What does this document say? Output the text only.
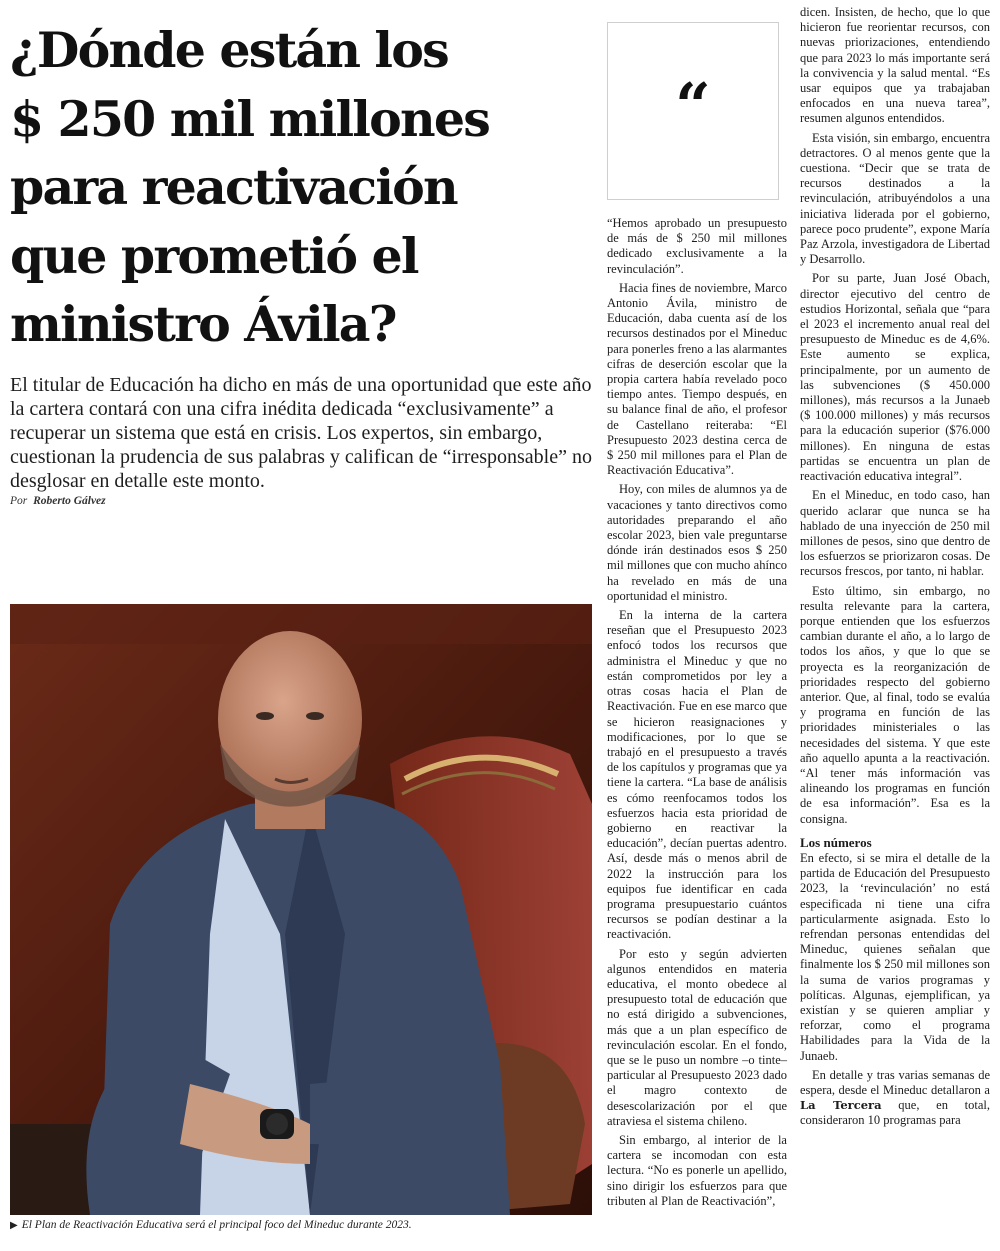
¿Dónde están los
$ 250 mil millones
para reactivación
que prometió el
ministro Ávila?

El titular de Educación ha dicho en más de una oportunidad que este año la cartera contará con una cifra inédita dedicada “exclusivamente” a recuperar un sistema que está en crisis. Los expertos, sin embargo, cuestionan la prudencia de sus palabras y califican de “irresponsable” no desglosar en detalle este monto.

Por Roberto Gálvez

▶ El Plan de Reactivación Educativa será el principal foco del Mineduc durante 2023.

“

“Hemos aprobado un presupuesto de más de $ 250 mil millones dedicado exclusivamente a la revinculación”.

Hacia fines de noviembre, Marco Antonio Ávila, ministro de Educación, daba cuenta así de los recursos destinados por el Mineduc para ponerles freno a las alarmantes cifras de deserción escolar que la propia cartera había revelado poco tiempo antes. Tiempo después, en su balance final de año, el profesor de Castellano reiteraba: “El Presupuesto 2023 destina cerca de $ 250 mil millones para el Plan de Reactivación Educativa”.

Hoy, con miles de alumnos ya de vacaciones y tanto directivos como autoridades preparando el año escolar 2023, bien vale preguntarse dónde irán destinados esos $ 250 mil millones que con mucho ahínco ha revelado en más de una oportunidad el ministro.

En la interna de la cartera reseñan que el Presupuesto 2023 enfocó todos los recursos que administra el Mineduc y que no están comprometidos por ley a otras cosas hacia el Plan de Reactivación. Fue en ese marco que se hicieron reasignaciones y modificaciones, por lo que se trabajó en el presupuesto a través de los capítulos y programas que ya tiene la cartera. “La base de análisis es cómo reenfocamos todos los esfuerzos hacia esta prioridad de gobierno en reactivar la educación”, decían puertas adentro. Así, desde más o menos abril de 2022 la instrucción para los equipos fue identificar en cada programa presupuestario cuántos recursos se podían destinar a la reactivación.

Por esto y según advierten algunos entendidos en materia educativa, el monto obedece al presupuesto total de educación que no está dirigido a subvenciones, más que a un plan específico de revinculación escolar. En el fondo, que se le puso un nombre –o tinte– particular al Presupuesto 2023 dado el magro contexto de desescolarización por el que atraviesa el sistema chileno.

Sin embargo, al interior de la cartera se incomodan con esta lectura. “No es ponerle un apellido, sino dirigir los esfuerzos para que tributen al Plan de Reactivación”,

dicen. Insisten, de hecho, que lo que hicieron fue reorientar recursos, con nuevas priorizaciones, entendiendo que para 2023 lo más importante será la convivencia y la salud mental. “Es usar equipos que ya trabajaban enfocados en una nueva tarea”, resumen algunos entendidos.

Esta visión, sin embargo, encuentra detractores. O al menos gente que la cuestiona. “Decir que se trata de recursos destinados a la revinculación, atribuyéndolos a una iniciativa liderada por el gobierno, parece poco prudente”, expone María Paz Arzola, investigadora de Libertad y Desarrollo.

Por su parte, Juan José Obach, director ejecutivo del centro de estudios Horizontal, señala que “para el 2023 el incremento anual real del presupuesto de Mineduc es de 4,6%. Este aumento se explica, principalmente, por un aumento de las subvenciones ($ 450.000 millones), más recursos a la Junaeb ($ 100.000 millones) y más recursos para la educación superior ($76.000 millones). En ninguna de estas partidas se encuentra un plan de reactivación educativa integral”.

En el Mineduc, en todo caso, han querido aclarar que nunca se ha hablado de una inyección de 250 mil millones de pesos, sino que dentro de los esfuerzos se priorizaron cosas. De recursos frescos, por tanto, ni hablar.

Esto último, sin embargo, no resulta relevante para la cartera, porque entienden que los esfuerzos cambian durante el año, a lo largo de todos los años, y que lo que se proyecta es la reorganización de prioridades respecto del gobierno anterior. Que, al final, todo se evalúa y programa en función de las prioridades ministeriales o las necesidades del sistema. Y que este año aquello apunta a la reactivación. “Al tener más información vas alineando los programas en función de esa información”. Esa es la consigna.

Los números

En efecto, si se mira el detalle de la partida de Educación del Presupuesto 2023, la ‘revinculación’ no está especificada ni tiene una cifra particularmente asignada. Esto lo refrendan personas entendidas del Mineduc, quienes señalan que finalmente los $ 250 mil millones son la suma de varios programas y políticas. Algunas, ejemplifican, ya existían y se quieren ampliar y reforzar, como el programa Habilidades para la Vida de la Junaeb.

En detalle y tras varias semanas de espera, desde el Mineduc detallaron a La Tercera que, en total, consideraron 10 programas para
